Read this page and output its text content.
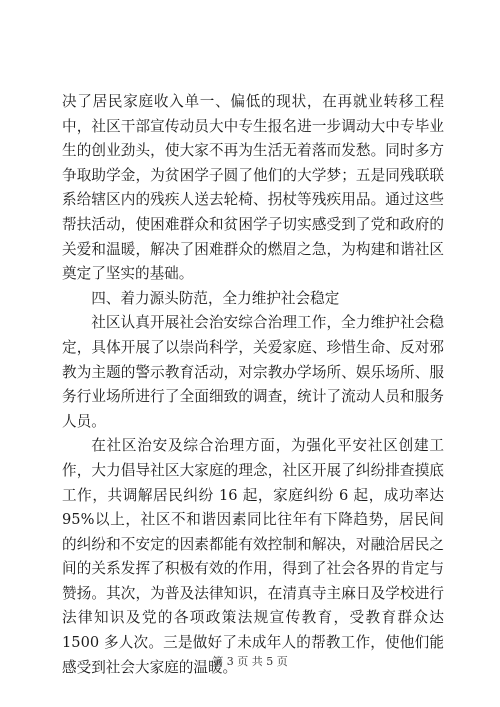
决了居民家庭收入单一、偏低的现状，在再就业转移工程中，社区干部宣传动员大中专生报名进一步调动大中专毕业生的创业劲头，使大家不再为生活无着落而发愁。同时多方争取助学金，为贫困学子圆了他们的大学梦；五是同残联联系给辖区内的残疾人送去轮椅、拐杖等残疾用品。通过这些帮扶活动，使困难群众和贫困学子切实感受到了党和政府的关爱和温暖，解决了困难群众的燃眉之急，为构建和谐社区奠定了坚实的基础。

四、着力源头防范，全力维护社会稳定

社区认真开展社会治安综合治理工作，全力维护社会稳定，具体开展了以崇尚科学，关爱家庭、珍惜生命、反对邪教为主题的警示教育活动，对宗教办学场所、娱乐场所、服务行业场所进行了全面细致的调查，统计了流动人员和服务人员。

在社区治安及综合治理方面，为强化平安社区创建工作，大力倡导社区大家庭的理念，社区开展了纠纷排查摸底工作，共调解居民纠纷 16 起，家庭纠纷 6 起，成功率达 95%以上，社区不和谐因素同比往年有下降趋势，居民间的纠纷和不安定的因素都能有效控制和解决，对融洽居民之间的关系发挥了积极有效的作用，得到了社会各界的肯定与赞扬。其次，为普及法律知识，在清真寺主麻日及学校进行法律知识及党的各项政策法规宣传教育，受教育群众达 1500 多人次。三是做好了未成年人的帮教工作，使他们能感受到社会大家庭的温暖。

第 3 页 共 5 页
